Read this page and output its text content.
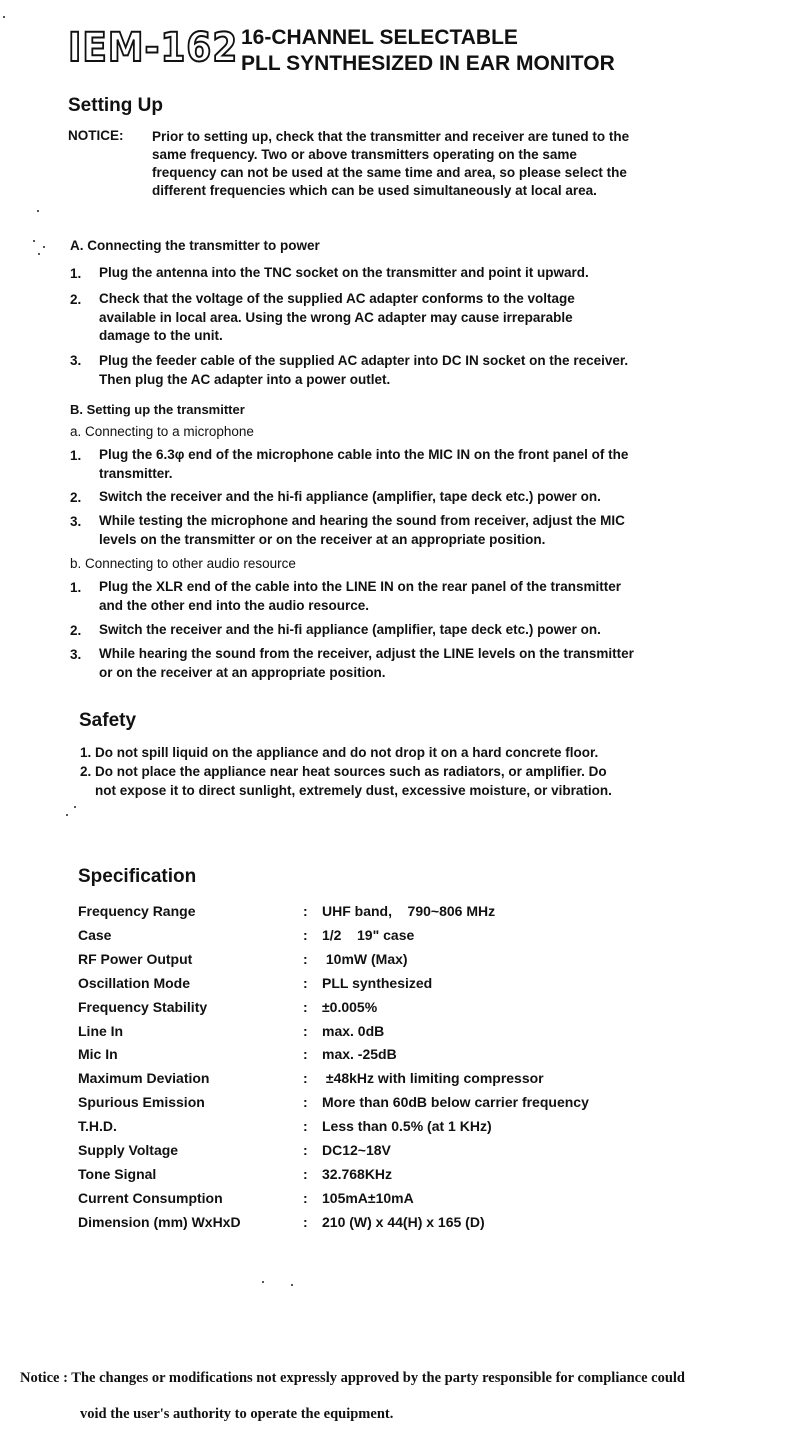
IEM-162 16-CHANNEL SELECTABLE
PLL SYNTHESIZED IN EAR MONITOR
Setting Up
NOTICE: Prior to setting up, check that the transmitter and receiver are tuned to the
same frequency. Two or above transmitters operating on the same
frequency can not be used at the same time and area, so please select the
different frequencies which can be used simultaneously at local area.
A. Connecting the transmitter to power
1. Plug the antenna into the TNC socket on the transmitter and point it upward.
2. Check that the voltage of the supplied AC adapter conforms to the voltage
available in local area. Using the wrong AC adapter may cause irreparable
damage to the unit.
3. Plug the feeder cable of the supplied AC adapter into DC IN socket on the receiver.
Then plug the AC adapter into a power outlet.
B. Setting up the transmitter
a. Connecting to a microphone
1. Plug the 6.3φ end of the microphone cable into the MIC IN on the front panel of the
transmitter.
2. Switch the receiver and the hi-fi appliance (amplifier, tape deck etc.) power on.
3. While testing the microphone and hearing the sound from receiver, adjust the MIC
levels on the transmitter or on the receiver at an appropriate position.
b. Connecting to other audio resource
1. Plug the XLR end of the cable into the LINE IN on the rear panel of the transmitter
and the other end into the audio resource.
2. Switch the receiver and the hi-fi appliance (amplifier, tape deck etc.) power on.
3. While hearing the sound from the receiver, adjust the LINE levels on the transmitter
or on the receiver at an appropriate position.
Safety
1. Do not spill liquid on the appliance and do not drop it on a hard concrete floor.
2. Do not place the appliance near heat sources such as radiators, or amplifier. Do
not expose it to direct sunlight, extremely dust, excessive moisture, or vibration.
Specification
Frequency Range	: UHF band,    790~806 MHz
Case	: 1/2    19" case
RF Power Output	: 10mW (Max)
Oscillation Mode	: PLL synthesized
Frequency Stability	: ±0.005%
Line In	: max. 0dB
Mic In	: max. -25dB
Maximum Deviation	: ±48kHz with limiting compressor
Spurious Emission	: More than 60dB below carrier frequency
T.H.D.	: Less than 0.5% (at 1 KHz)
Supply Voltage	: DC12~18V
Tone Signal	: 32.768KHz
Current Consumption	: 105mA±10mA
Dimension (mm) WxHxD	: 210 (W) x 44(H) x 165 (D)
Notice : The changes or modifications not expressly approved by the party responsible for compliance could
void the user's authority to operate the equipment.
